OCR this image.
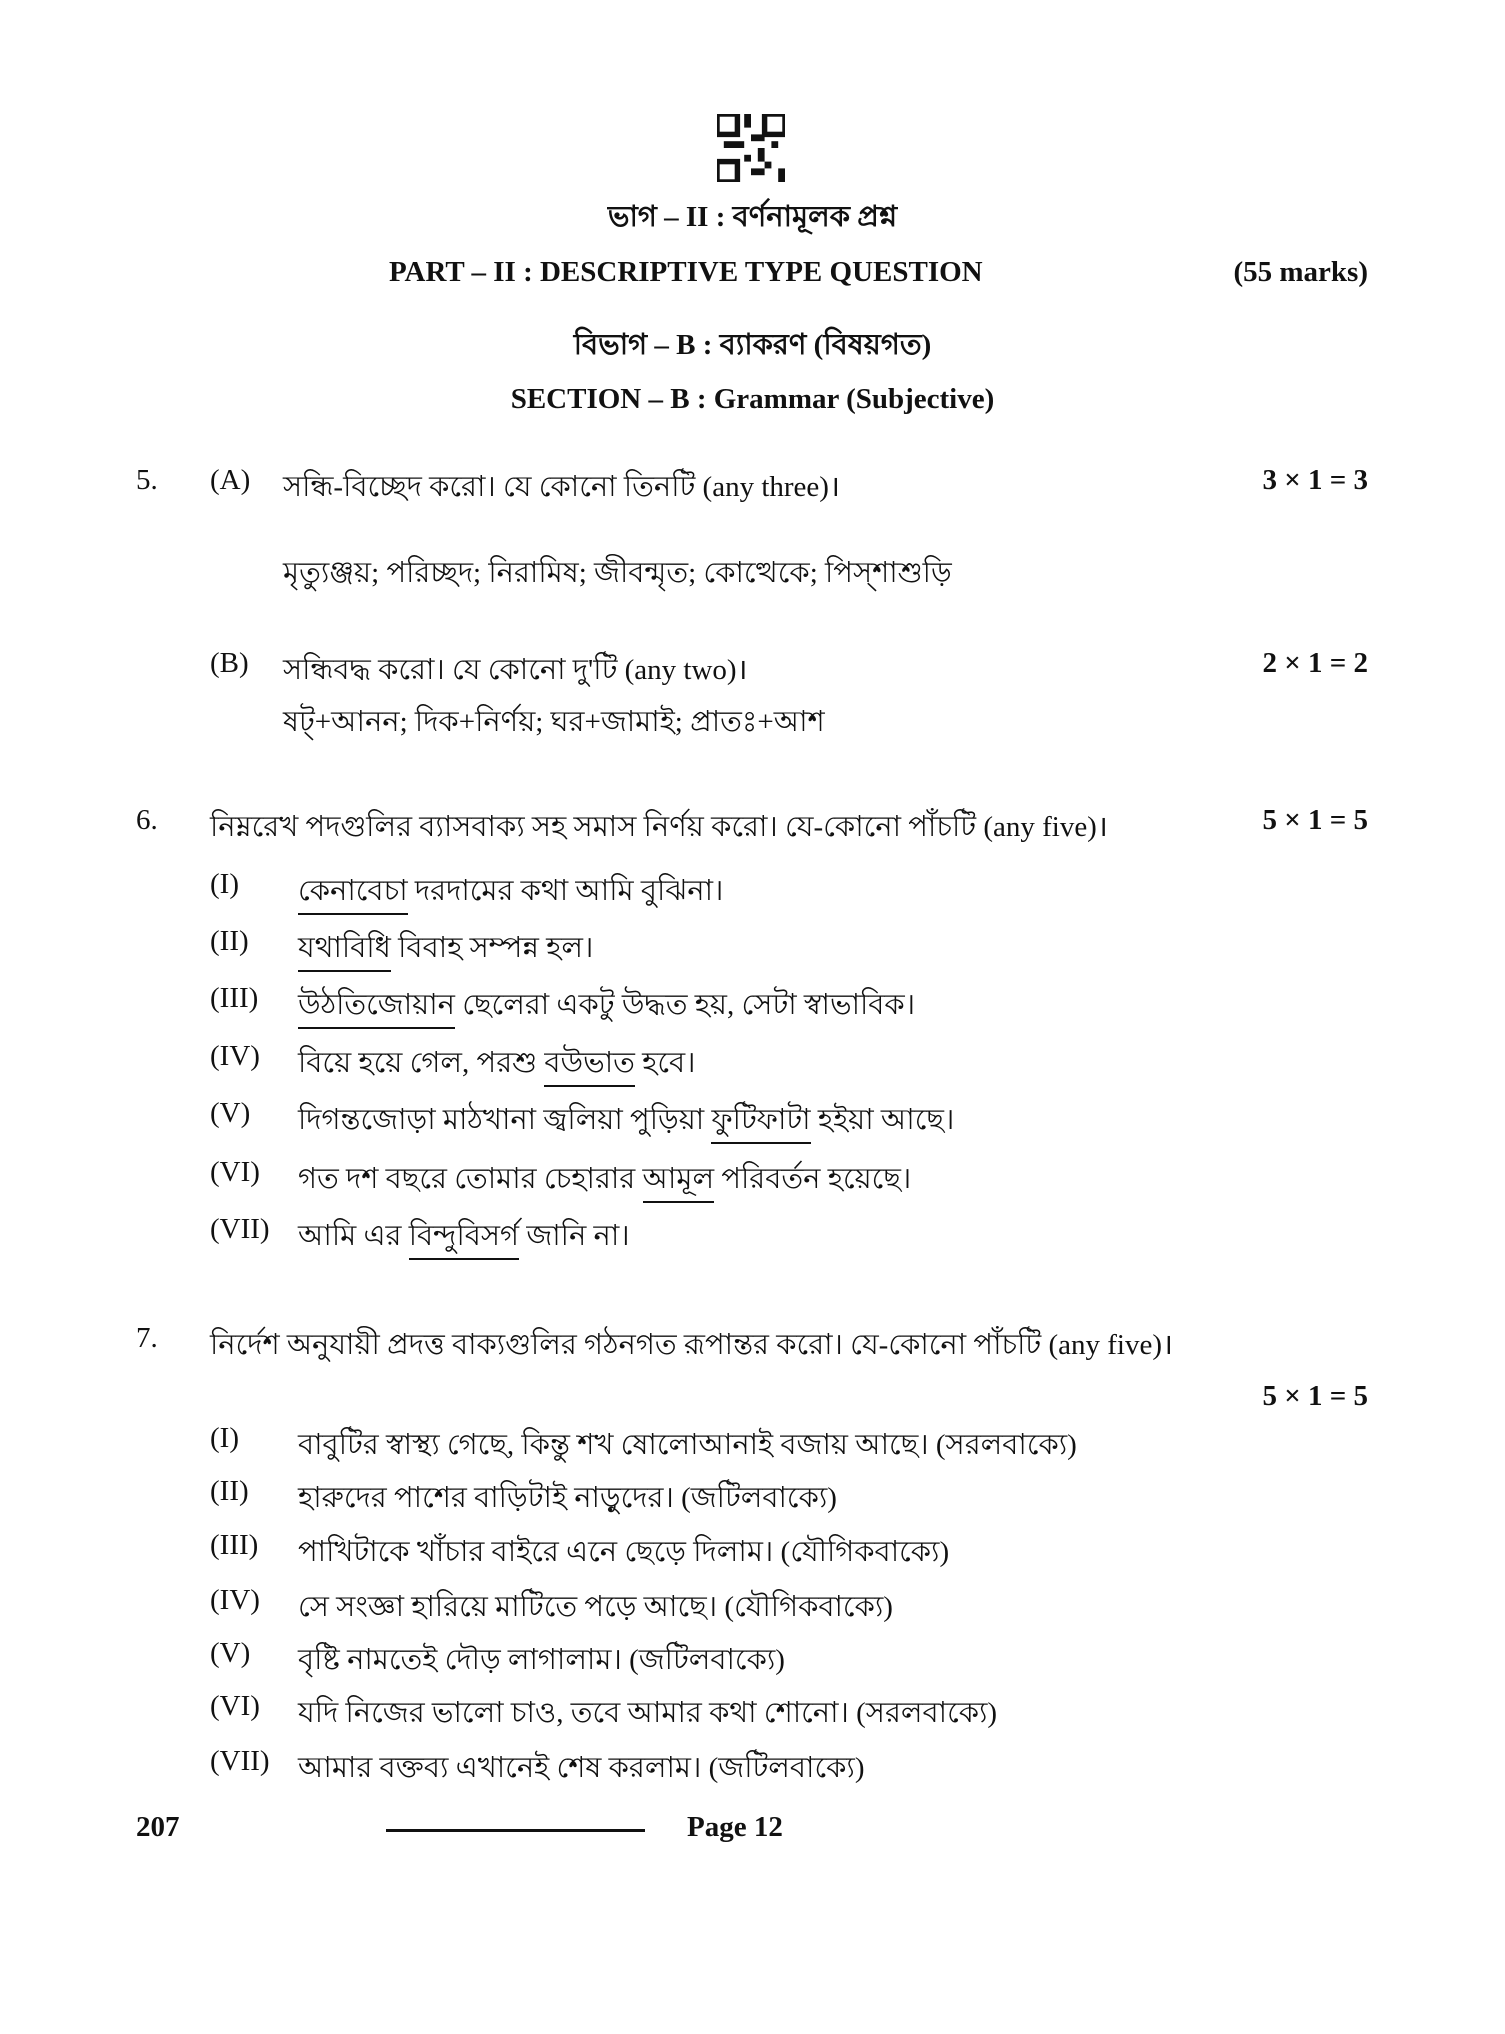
ভাগ – II : বর্ণনামূলক প্রশ্ন
PART – II : DESCRIPTIVE TYPE QUESTION	(55 marks)
বিভাগ – B : ব্যাকরণ (বিষয়গত)
SECTION – B : Grammar (Subjective)
5. (A) সন্ধি-বিচ্ছেদ করো। যে কোনো তিনটি (any three)।	3 × 1 = 3
মৃত্যুঞ্জয়; পরিচ্ছদ; নিরামিষ; জীবন্মৃত; কোত্থেকে; পিস্‌শাশুড়ি
(B) সন্ধিবদ্ধ করো। যে কোনো দু'টি (any two)।	2 × 1 = 2
ষট্‌+আনন; দিক+নির্ণয়; ঘর+জামাই; প্রাতঃ+আশ
6. নিম্নরেখ পদগুলির ব্যাসবাক্য সহ সমাস নির্ণয় করো। যে-কোনো পাঁচটি (any five)।	5 × 1 = 5
(I) কেনাবেচা দরদামের কথা আমি বুঝিনা।
(II) যথাবিধি বিবাহ সম্পন্ন হল।
(III) উঠতিজোয়ান ছেলেরা একটু উদ্ধত হয়, সেটা স্বাভাবিক।
(IV) বিয়ে হয়ে গেল, পরশু বউভাত হবে।
(V) দিগন্তজোড়া মাঠখানা জ্বলিয়া পুড়িয়া ফুটিফাটা হইয়া আছে।
(VI) গত দশ বছরে তোমার চেহারার আমূল পরিবর্তন হয়েছে।
(VII) আমি এর বিন্দুবিসর্গ জানি না।
7. নির্দেশ অনুযায়ী প্রদত্ত বাক্যগুলির গঠনগত রূপান্তর করো। যে-কোনো পাঁচটি (any five)।
5 × 1 = 5
(I) বাবুটির স্বাস্থ্য গেছে, কিন্তু শখ ষোলোআনাই বজায় আছে। (সরলবাক্যে)
(II) হারুদের পাশের বাড়িটাই নাড়ুদের। (জটিলবাক্যে)
(III) পাখিটাকে খাঁচার বাইরে এনে ছেড়ে দিলাম। (যৌগিকবাক্যে)
(IV) সে সংজ্ঞা হারিয়ে মাটিতে পড়ে আছে। (যৌগিকবাক্যে)
(V) বৃষ্টি নামতেই দৌড় লাগালাম। (জটিলবাক্যে)
(VI) যদি নিজের ভালো চাও, তবে আমার কথা শোনো। (সরলবাক্যে)
(VII) আমার বক্তব্য এখানেই শেষ করলাম। (জটিলবাক্যে)
207	Page 12
